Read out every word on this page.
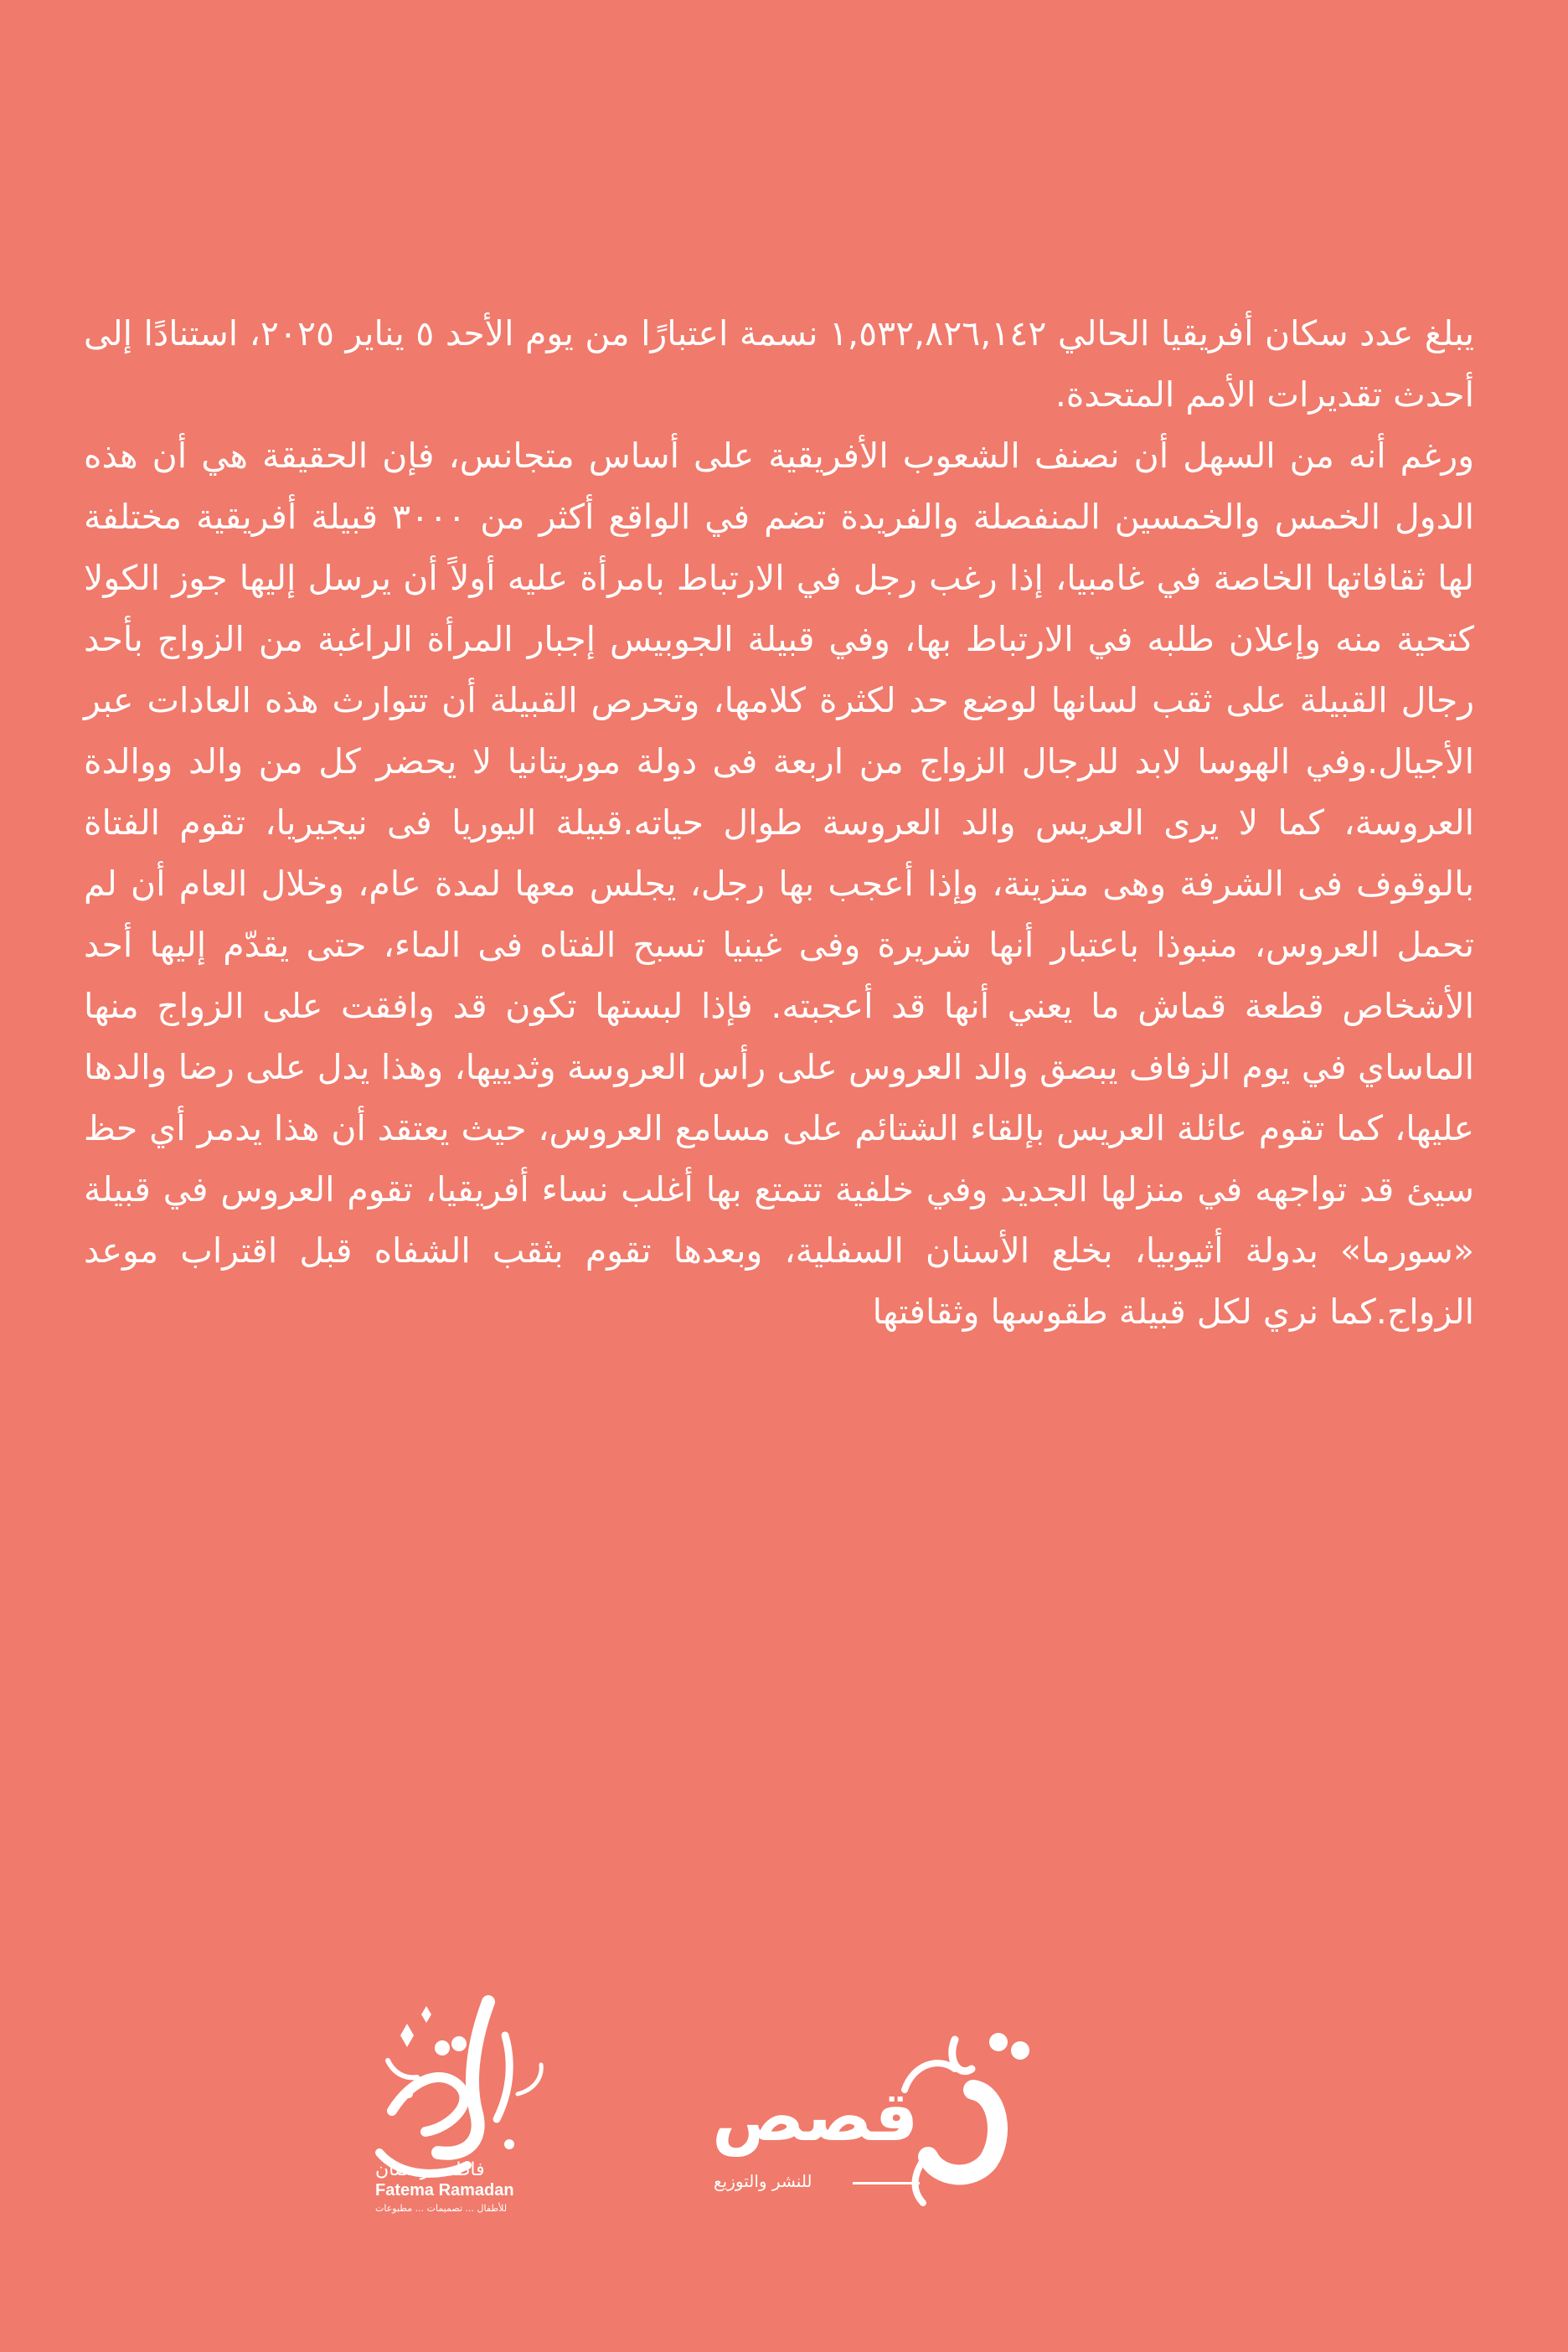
يبلغ عدد سكان أفريقيا الحالي ١,٥٣٢,٨٢٦,١٤٢ نسمة اعتبارًا من يوم الأحد ٥ يناير ٢٠٢٥، استنادًا إلى أحدث تقديرات الأمم المتحدة.

ورغم أنه من السهل أن نصنف الشعوب الأفريقية على أساس متجانس، فإن الحقيقة هي أن هذه الدول الخمس والخمسين المنفصلة والفريدة تضم في الواقع أكثر من ٣٠٠٠ قبيلة أفريقية مختلفة لها ثقافاتها الخاصة في غامبيا، إذا رغب رجل في الارتباط بامرأة عليه أولاً أن يرسل إليها جوز الكولا كتحية منه وإعلان طلبه في الارتباط بها، وفي قبيلة الجوبيس إجبار المرأة الراغبة من الزواج بأحد رجال القبيلة على ثقب لسانها لوضع حد لكثرة كلامها، وتحرص القبيلة أن تتوارث هذه العادات عبر الأجيال.وفي الهوسا لابد للرجال الزواج من اربعة فى دولة موريتانيا لا يحضر كل من والد ووالدة العروسة، كما لا يرى العريس والد العروسة طوال حياته.قبيلة اليوريا فى نيجيريا، تقوم الفتاة بالوقوف فى الشرفة وهى متزينة، وإذا أعجب بها رجل، يجلس معها لمدة عام، وخلال العام أن لم تحمل العروس، منبوذا باعتبار أنها شريرة وفى غينيا تسبح الفتاه فى الماء، حتى يقدّم إليها أحد الأشخاص قطعة قماش ما يعني أنها قد أعجبته. فإذا لبستها تكون قد وافقت على الزواج منها الماساي في يوم الزفاف يبصق والد العروس على رأس العروسة وثدييها، وهذا يدل على رضا والدها عليها، كما تقوم عائلة العريس بإلقاء الشتائم على مسامع العروس، حيث يعتقد أن هذا يدمر أي حظ سيئ قد تواجهه في منزلها الجديد وفي خلفية تتمتع بها أغلب نساء أفريقيا، تقوم العروس في قبيلة «سورما» بدولة أثيوبيا، بخلع الأسنان السفلية، وبعدها تقوم بثقب الشفاه قبل اقتراب موعد الزواج.كما نري لكل قبيلة طقوسها وثقافتها

فاطمه رمضان
Fatema Ramadan
للأطفال ... تصميمات ... مطبوعات
قصص
للنشر والتوزيع
